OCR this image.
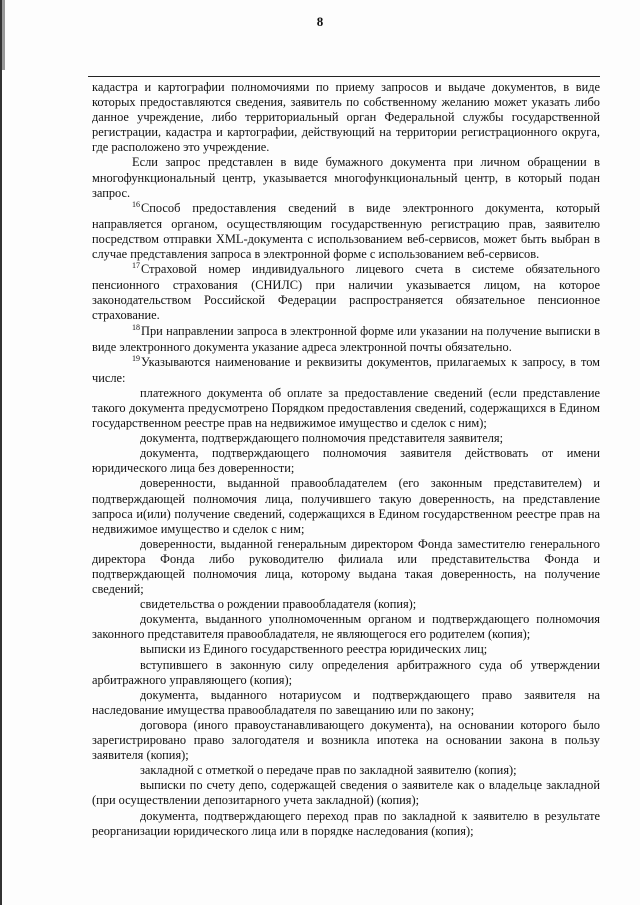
8

кадастра и картографии полномочиями по приему запросов и выдаче документов, в виде которых предоставляются сведения, заявитель по собственному желанию может указать либо данное учреждение, либо территориальный орган Федеральной службы государственной регистрации, кадастра и картографии, действующий на территории регистрационного округа, где расположено это учреждение.

Если запрос представлен в виде бумажного документа при личном обращении в многофункциональный центр, указывается многофункциональный центр, в который подан запрос.

$^{16}$Способ предоставления сведений в виде электронного документа, который направляется органом, осуществляющим государственную регистрацию прав, заявителю посредством отправки XML-документа с использованием веб-сервисов, может быть выбран в случае представления запроса в электронной форме с использованием веб-сервисов.

$^{17}$Страховой номер индивидуального лицевого счета в системе обязательного пенсионного страхования (СНИЛС) при наличии указывается лицом, на которое законодательством Российской Федерации распространяется обязательное пенсионное страхование.

$^{18}$При направлении запроса в электронной форме или указании на получение выписки в виде электронного документа указание адреса электронной почты обязательно.

$^{19}$Указываются наименование и реквизиты документов, прилагаемых к запросу, в том числе:

платежного документа об оплате за предоставление сведений (если представление такого документа предусмотрено Порядком предоставления сведений, содержащихся в Едином государственном реестре прав на недвижимое имущество и сделок с ним);

документа, подтверждающего полномочия представителя заявителя;

документа, подтверждающего полномочия заявителя действовать от имени юридического лица без доверенности;

доверенности, выданной правообладателем (его законным представителем) и подтверждающей полномочия лица, получившего такую доверенность, на представление запроса и(или) получение сведений, содержащихся в Едином государственном реестре прав на недвижимое имущество и сделок с ним;

доверенности, выданной генеральным директором Фонда заместителю генерального директора Фонда либо руководителю филиала или представительства Фонда и подтверждающей полномочия лица, которому выдана такая доверенность, на получение сведений;

свидетельства о рождении правообладателя (копия);

документа, выданного уполномоченным органом и подтверждающего полномочия законного представителя правообладателя, не являющегося его родителем (копия);

выписки из Единого государственного реестра юридических лиц;

вступившего в законную силу определения арбитражного суда об утверждении арбитражного управляющего (копия);

документа, выданного нотариусом и подтверждающего право заявителя на наследование имущества правообладателя по завещанию или по закону;

договора (иного правоустанавливающего документа), на основании которого было зарегистрировано право залогодателя и возникла ипотека на основании закона в пользу заявителя (копия);

закладной с отметкой о передаче прав по закладной заявителю (копия);

выписки по счету депо, содержащей сведения о заявителе как о владельце закладной (при осуществлении депозитарного учета закладной) (копия);

документа, подтверждающего переход прав по закладной к заявителю в результате реорганизации юридического лица или в порядке наследования (копия);
